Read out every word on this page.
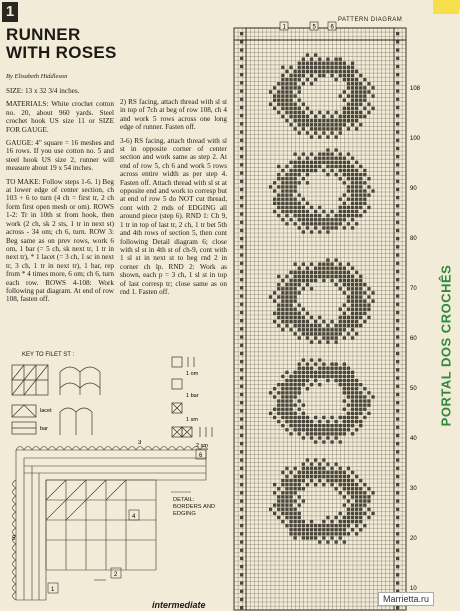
1
RUNNER
WITH ROSES
By Elisabeth Hiddleson

SIZE: 13 x 32 3/4 inches.

MATERIALS: White crochet cotton no. 20, about 960 yards. Steel crochet hook US size 11 or SIZE FOR GAUGE.

GAUGE: 4" square = 16 meshes and 16 rows. If you use cotton no. 5 and steel hook US size 2, runner will measure about 19 x 54 inches.

TO MAKE: Follow steps 1-6. 1) Beg at lower edge of center section, ch 103 + 6 to turn (4 ch = first tr, 2 ch form first open mesh or om). ROWS 1-2: Tr in 10th st from hook, then work (2 ch, sk 2 sts, 1 tr in next st) across - 34 om; ch 6, turn. ROW 3: Beg same as on prev rows, work 6 om, 1 bar (= 5 ch, sk next tr, 1 tr in next tr), * 1 lacet (= 3 ch, 1 sc in next tr, 3 ch, 1 tr in next tr), 1 bar, rep from * 4 times more, 6 om; ch 6, turn each row. ROWS 4-108: Work following pat diagram. At end of row 108, fasten off.

2) RS facing, attach thread with sl st in top of 7ch at beg of row 108, ch 4 and work 5 rows across one long edge of runner. Fasten off.

3-6) RS facing, attach thread with sl st in opposite corner of center section and work same as step 2. At end of row 5, ch 6 and work 5 rows across entire width as per step 4. Fasten off. Attach thread with sl st at opposite end and work to corresp but at end of row 5 do NOT cut thread, cont with 2 rnds of EDGING all around piece (step 6). RND 1: Ch 9, 1 tr in top of last tr, 2 ch, 1 tr bet 5th and 4th rows of section 5, then cont following Detail diagram 6; close with sl st in 4th st of ch-9, cont with 1 sl st in next st to beg rnd 2 in corner ch lp. RND 2: Work as shown, each p = 3 ch, 1 sl st in top of last corresp tr; close same as on rnd 1. Fasten off.

KEY TO FILET ST :
lacet
bar
1 om
1 bar
1 sm
2 sm
3
6
4
2
1
5
DETAIL: BORDERS AND EDGING
intermediate
1	5 6
108
100
90
80
70
60
50
40
30
20
10
PATTERN DIAGRAM
PORTAL DOS CROCHÊS
Marrietta.ru
